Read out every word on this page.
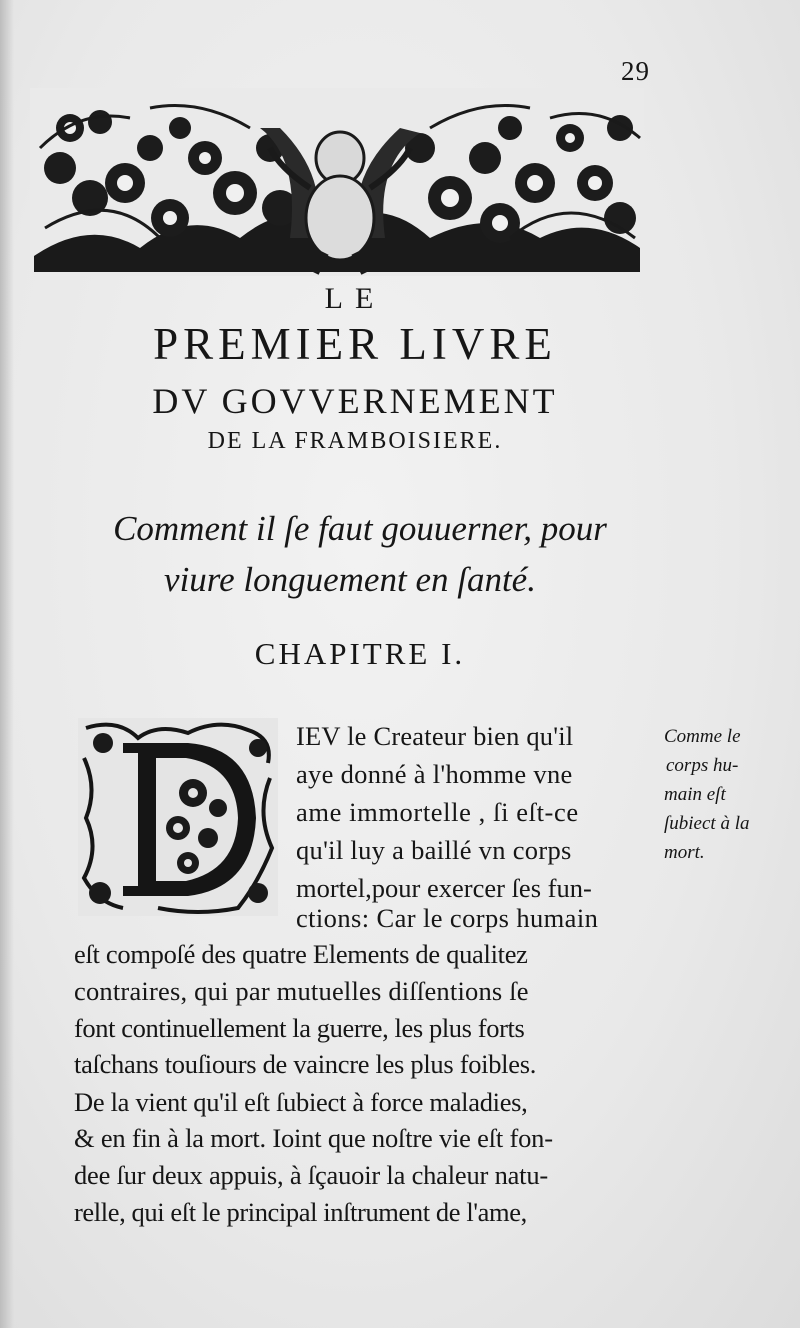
29
LE
PREMIER LIVRE
DV GOVVERNEMENT
DE LA FRAMBOISIERE.
Comment il ſe faut gouuerner, pour
viure longuement en ſanté.
CHAPITRE I.
IEV le Createur bien qu'il
aye donné à l'homme vne
ame immortelle , ſi eſt-ce
qu'il luy a baillé vn corps
mortel,pour exercer ſes fun-
ctions: Car le corps humain
eſt compoſé des quatre Elements de qualitez
contraires, qui par mutuelles diſſentions ſe
font continuellement la guerre, les plus forts
taſchans touſiours de vaincre les plus foibles.
De la vient qu'il eſt ſubiect à force maladies,
& en fin à la mort. Ioint que noſtre vie eſt fon-
dee ſur deux appuis, à ſçauoir la chaleur natu-
relle, qui eſt le principal inſtrument de l'ame,
Comme le
corps hu-
main eſt
ſubiect à la
mort.
